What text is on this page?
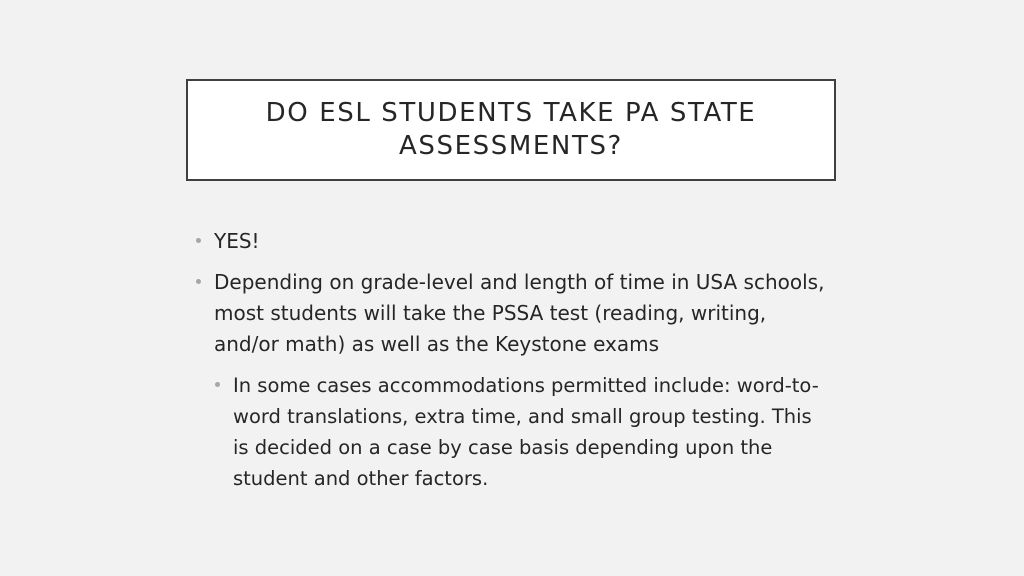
DO ESL STUDENTS TAKE PA STATE ASSESSMENTS?
YES!
Depending on grade-level and length of time in USA schools, most students will take the PSSA test (reading, writing, and/or math) as well as the Keystone exams
In some cases accommodations permitted include: word-to-word translations, extra time, and small group testing. This is decided on a case by case basis depending upon the student and other factors.
